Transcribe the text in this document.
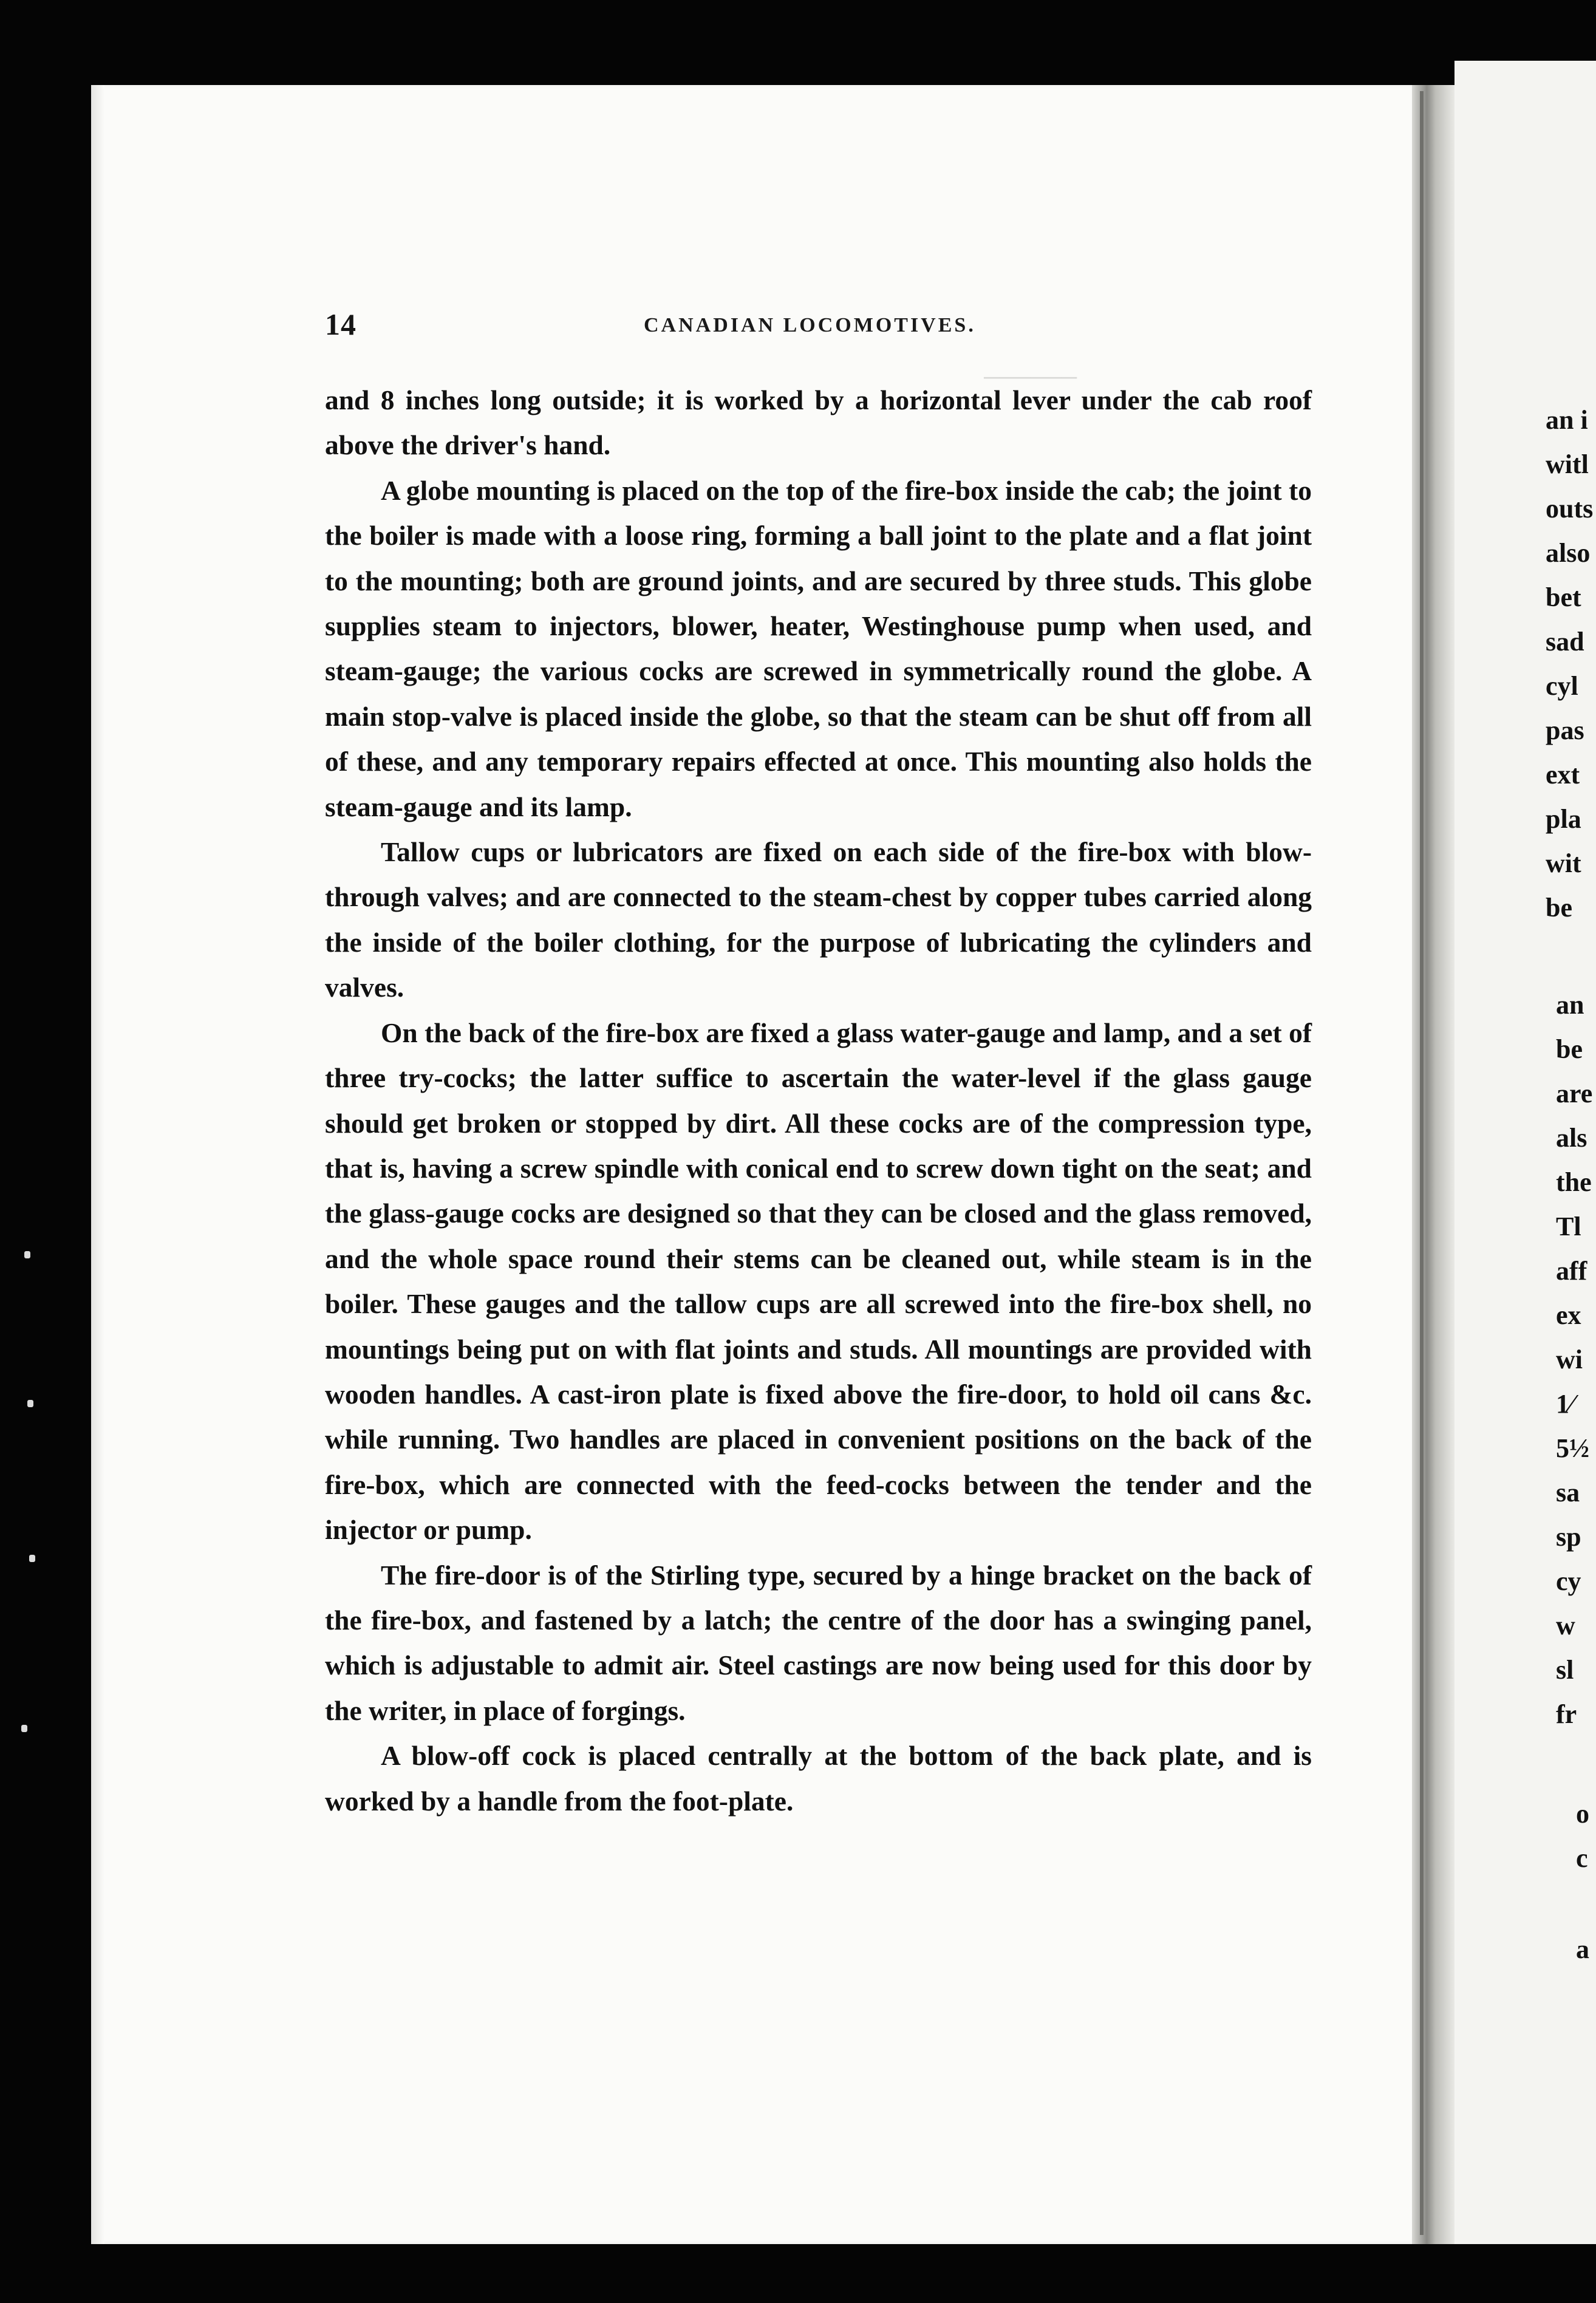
──────
14	CANADIAN LOCOMOTIVES.

and 8 inches long outside; it is worked by a horizontal lever under the cab roof above the driver's hand.

A globe mounting is placed on the top of the fire-box inside the cab; the joint to the boiler is made with a loose ring, forming a ball joint to the plate and a flat joint to the mounting; both are ground joints, and are secured by three studs. This globe supplies steam to injectors, blower, heater, Westinghouse pump when used, and steam-gauge; the various cocks are screwed in symmetrically round the globe. A main stop-valve is placed inside the globe, so that the steam can be shut off from all of these, and any temporary repairs effected at once. This mounting also holds the steam-gauge and its lamp.

Tallow cups or lubricators are fixed on each side of the fire-box with blow-through valves; and are connected to the steam-chest by copper tubes carried along the inside of the boiler clothing, for the purpose of lubricating the cylinders and valves.

On the back of the fire-box are fixed a glass water-gauge and lamp, and a set of three try-cocks; the latter suffice to ascertain the water-level if the glass gauge should get broken or stopped by dirt. All these cocks are of the compression type, that is, having a screw spindle with conical end to screw down tight on the seat; and the glass-gauge cocks are designed so that they can be closed and the glass removed, and the whole space round their stems can be cleaned out, while steam is in the boiler. These gauges and the tallow cups are all screwed into the fire-box shell, no mountings being put on with flat joints and studs. All mountings are provided with wooden handles. A cast-iron plate is fixed above the fire-door, to hold oil cans &c. while running. Two handles are placed in convenient positions on the back of the fire-box, which are connected with the feed-cocks between the tender and the injector or pump.

The fire-door is of the Stirling type, secured by a hinge bracket on the back of the fire-box, and fastened by a latch; the centre of the door has a swinging panel, which is adjustable to admit air. Steel castings are now being used for this door by the writer, in place of forgings.

A blow-off cock is placed centrally at the bottom of the back plate, and is worked by a handle from the foot-plate.

an i
witl
outs
also
bet
sad
cyl
pas
ext
pla
wit
be
an
be
are
als
the
Tl
aff
ex
wi
1⁄
5½
sa
sp
cy
w
sl
fr
o
c
a
